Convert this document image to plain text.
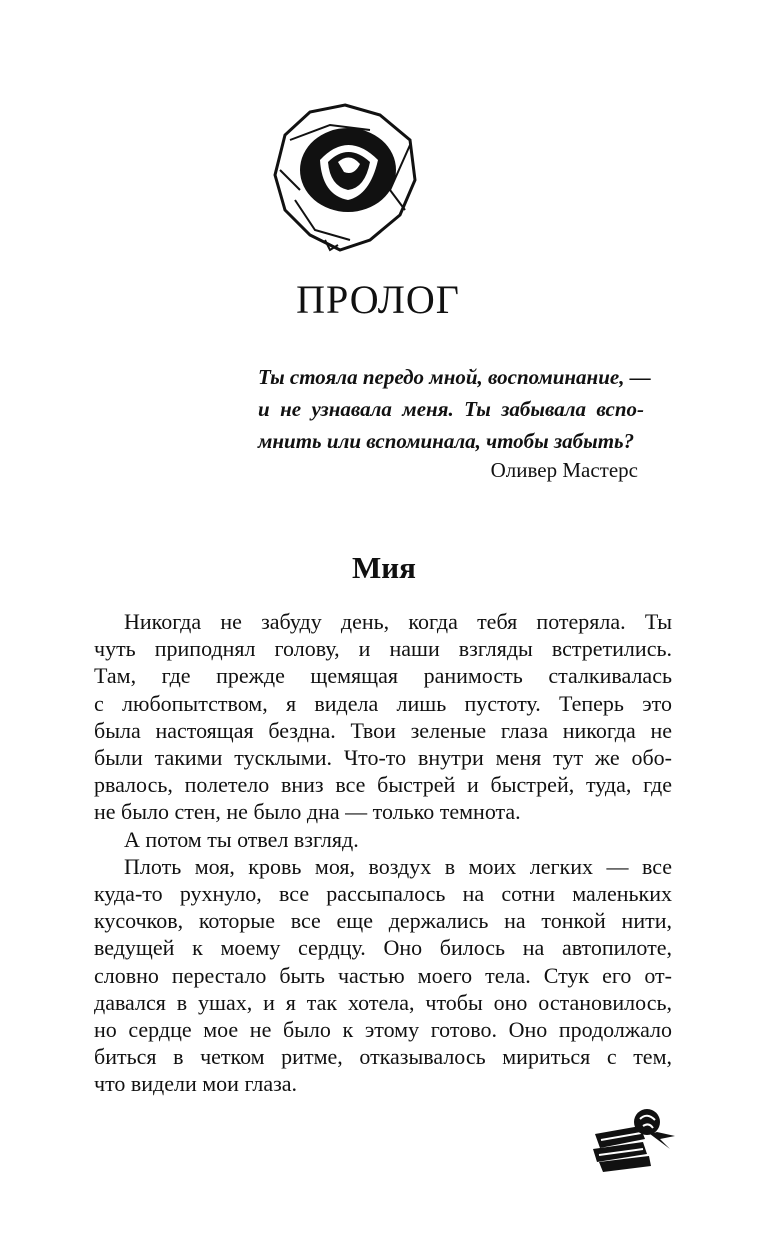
ПРОЛОГ
Ты стояла передо мной, воспоминание, —
и не узнавала меня. Ты забывала вспо-
мнить или вспоминала, чтобы забыть?
Оливер Мастерс
Мия
Никогда не забуду день, когда тебя потеряла. Ты
чуть приподнял голову, и наши взгляды встретились.
Там, где прежде щемящая ранимость сталкивалась
с любопытством, я видела лишь пустоту. Теперь это
была настоящая бездна. Твои зеленые глаза никогда не
были такими тусклыми. Что-то внутри меня тут же обо-
рвалось, полетело вниз все быстрей и быстрей, туда, где
не было стен, не было дна — только темнота.
А потом ты отвел взгляд.
Плоть моя, кровь моя, воздух в моих легких — все
куда-то рухнуло, все рассыпалось на сотни маленьких
кусочков, которые все еще держались на тонкой нити,
ведущей к моему сердцу. Оно билось на автопилоте,
словно перестало быть частью моего тела. Стук его от-
давался в ушах, и я так хотела, чтобы оно остановилось,
но сердце мое не было к этому готово. Оно продолжало
биться в четком ритме, отказывалось мириться с тем,
что видели мои глаза.
